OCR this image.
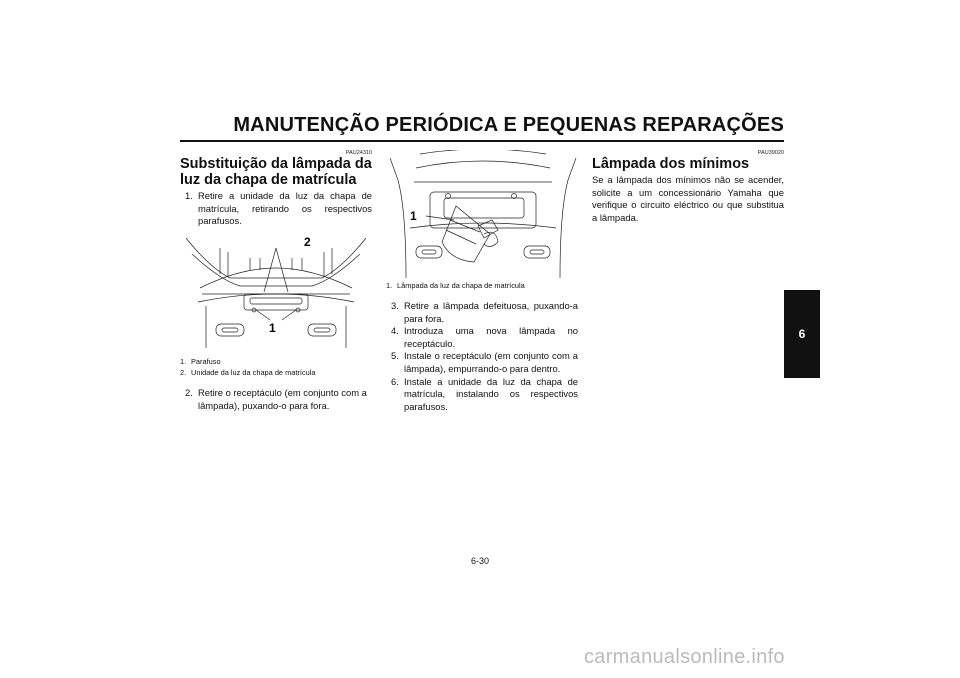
MANUTENÇÃO PERIÓDICA E PEQUENAS REPARAÇÕES
PAU24310
Substituição da lâmpada da luz da chapa de matrícula
1. Retire a unidade da luz da chapa de matrícula, retirando os respectivos parafusos.
2
1
1. Parafuso
2. Unidade da luz da chapa de matrícula
2. Retire o receptáculo (em conjunto com a lâmpada), puxando-o para fora.
1
1. Lâmpada da luz da chapa de matrícula
3. Retire a lâmpada defeituosa, puxando-a para fora.
4. Introduza uma nova lâmpada no receptáculo.
5. Instale o receptáculo (em conjunto com a lâmpada), empurrando-o para dentro.
6. Instale a unidade da luz da chapa de matrícula, instalando os respectivos parafusos.
PAU39020
Lâmpada dos mínimos
Se a lâmpada dos mínimos não se acender, solicite a um concessionário Yamaha que verifique o circuito eléctrico ou que substitua a lâmpada.
6
6-30
carmanualsonline.info
